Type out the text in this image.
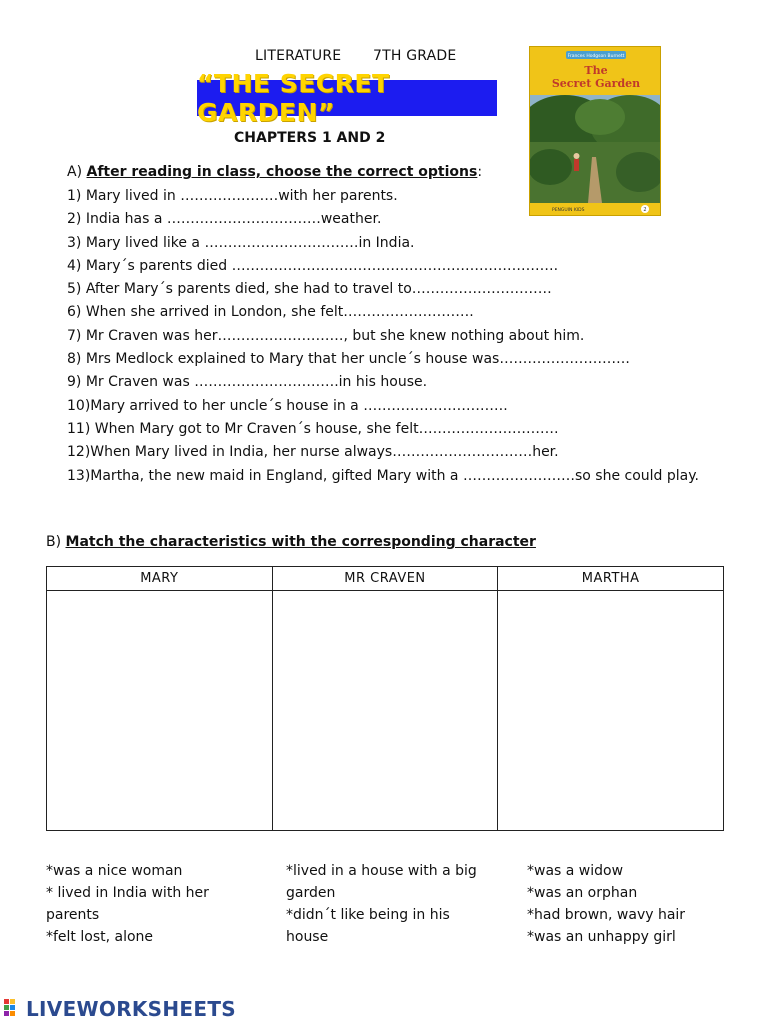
LITERATURE 7TH GRADE
“THE SECRET GARDEN”
CHAPTERS 1 AND 2
Frances Hodgson Burnett
The
Secret Garden
PENGUIN KIDS	2
A) After reading in class, choose the correct options:
1) Mary lived in …………………with her parents.
2) India has a ……………………………weather.
3) Mary lived like a ……………………………in India.
4) Mary´s parents died …………………………………………………………….
5) After Mary´s parents died, she had to travel to…………………………
6) When she arrived in London, she felt……………………….
7) Mr Craven was her………………………, but she knew nothing about him.
8) Mrs Medlock explained to Mary that her uncle´s house was……………………….
9) Mr Craven was ………………………….in his house.
10)Mary arrived to her uncle´s house in a ………………………….
11) When Mary got to Mr Craven´s house, she felt…………………………
12)When Mary lived in India, her nurse always…………………………her.
13)Martha, the new maid in England, gifted Mary with a ……………………so she could play.
B) Match the characteristics with the corresponding character
MARY	MR CRAVEN	MARTHA

*was a nice woman
* lived in India with her
parents
*felt lost, alone
*lived in a house with a big
garden
*didn´t like being in his
house
*was a widow
*was an orphan
*had brown, wavy hair
*was an unhappy girl
LIVEWORKSHEETS
